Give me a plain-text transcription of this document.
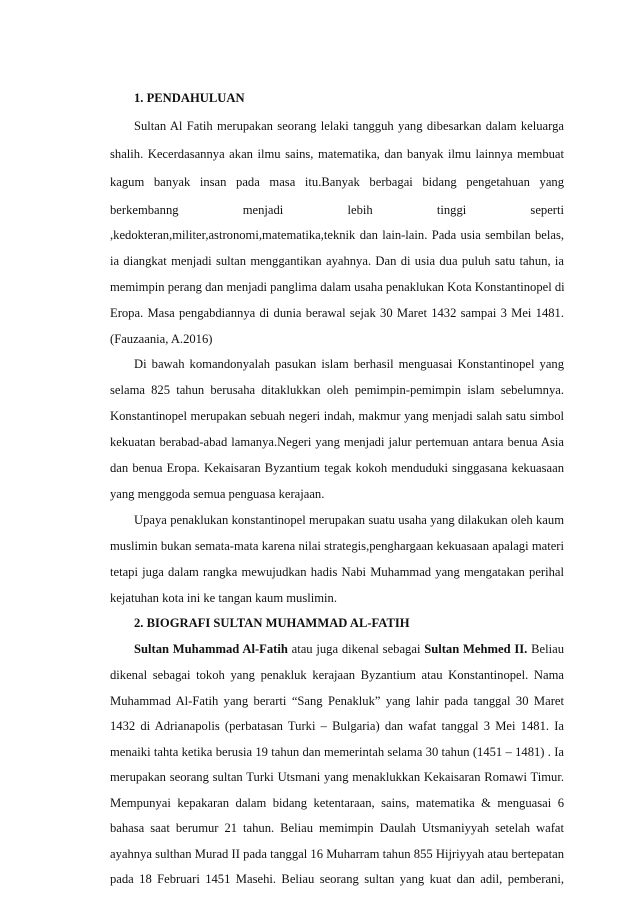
1. PENDAHULUAN
Sultan Al Fatih merupakan seorang lelaki tangguh yang dibesarkan dalam keluarga
shalih. Kecerdasannya akan ilmu sains, matematika, dan banyak ilmu lainnya membuat
kagum banyak insan pada masa itu.Banyak berbagai bidang pengetahuan yang
berkembanng menjadi lebih tinggi seperti
,kedokteran,militer,astronomi,matematika,teknik dan lain-lain. Pada usia sembilan belas,
ia diangkat menjadi sultan menggantikan ayahnya. Dan di usia dua puluh satu tahun, ia
memimpin perang dan menjadi panglima dalam usaha penaklukan Kota Konstantinopel di
Eropa. Masa pengabdiannya di dunia berawal sejak 30 Maret 1432 sampai 3 Mei 1481.
(Fauzaania, A.2016)
Di bawah komandonyalah pasukan islam berhasil menguasai Konstantinopel yang
selama 825 tahun berusaha ditaklukkan oleh pemimpin-pemimpin islam sebelumnya.
Konstantinopel merupakan sebuah negeri indah, makmur yang menjadi salah satu simbol
kekuatan berabad-abad lamanya.Negeri yang menjadi jalur pertemuan antara benua Asia
dan benua Eropa. Kekaisaran Byzantium tegak kokoh menduduki singgasana kekuasaan
yang menggoda semua penguasa kerajaan.
Upaya penaklukan konstantinopel merupakan suatu usaha yang dilakukan oleh kaum
muslimin bukan semata-mata karena nilai strategis,penghargaan kekuasaan apalagi materi
tetapi juga dalam rangka mewujudkan hadis Nabi Muhammad yang mengatakan perihal
kejatuhan kota ini ke tangan kaum muslimin.
2. BIOGRAFI SULTAN MUHAMMAD AL-FATIH
Sultan Muhammad Al-Fatih atau juga dikenal sebagai Sultan Mehmed II. Beliau
dikenal sebagai tokoh yang penakluk kerajaan Byzantium atau Konstantinopel. Nama
Muhammad Al-Fatih yang berarti “Sang Penakluk” yang lahir pada tanggal 30 Maret
1432 di Adrianapolis (perbatasan Turki – Bulgaria) dan wafat tanggal 3 Mei 1481. Ia
menaiki tahta ketika berusia 19 tahun dan memerintah selama 30 tahun (1451 – 1481) . Ia
merupakan seorang sultan Turki Utsmani yang menaklukkan Kekaisaran Romawi Timur.
Mempunyai kepakaran dalam bidang ketentaraan, sains, matematika & menguasai 6
bahasa saat berumur 21 tahun. Beliau memimpin Daulah Utsmaniyyah setelah wafat
ayahnya sulthan Murad II pada tanggal 16 Muharram tahun 855 Hijriyyah atau bertepatan
pada 18 Februari 1451 Masehi. Beliau seorang sultan yang kuat dan adil, pemberani,
